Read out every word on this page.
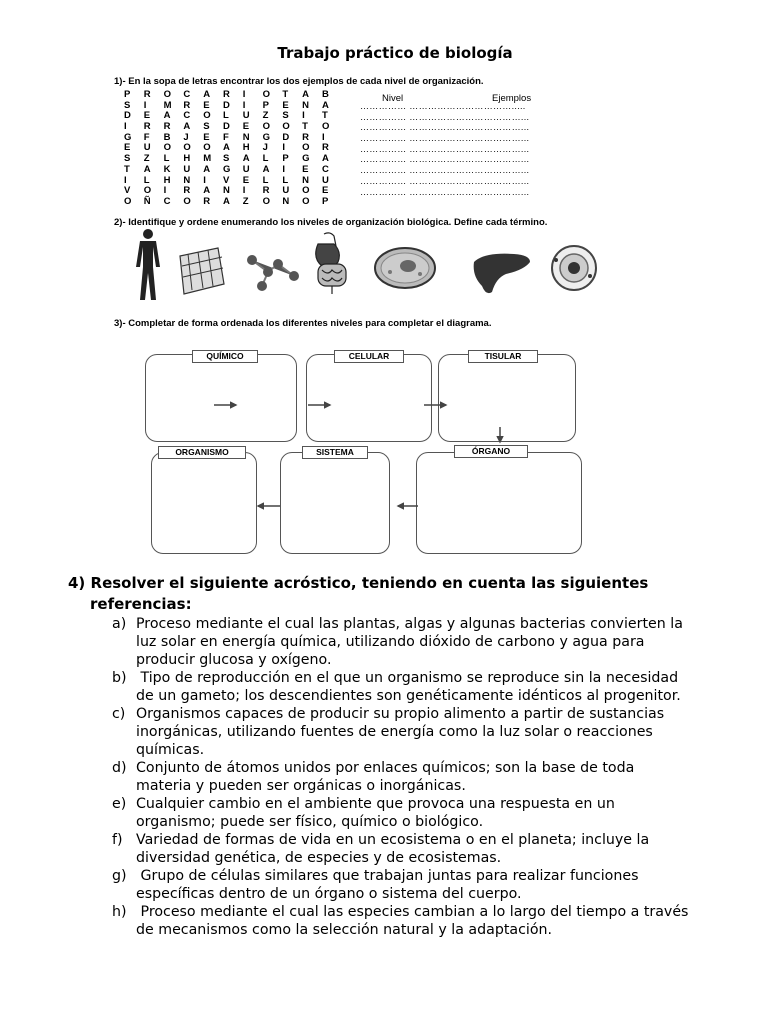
Trabajo práctico de biología
1)- En la sopa de letras encontrar los dos ejemplos de cada nivel de organización.
P	R	O	C	A	R	I	O	T	A	B
S	I	M	R	E	D	I	P	E	N	A
D	E	A	C	O	L	U	Z	S	I	T
I	R	R	A	S	D	E	O	O	T	O
G	F	B	J	E	F	N	G	D	R	I
E	U	O	O	O	A	H	J	I	O	R
S	Z	L	H	M	S	A	L	P	G	A
T	A	K	U	A	G	U	A	I	E	C
I	L	H	N	I	V	E	L	L	N	U
V	O	I	R	A	N	I	R	U	O	E
O	Ñ	C	O	R	A	Z	O	N	O	P
Nivel	Ejemplos
…………… …………………………….....
…………… ………………………………...
…………… ………………………………...
…………… ………………………………...
…………… ………………………………...
…………… ………………………………...
…………… ………………………………...
…………… ………………………………...
…………… ………………………………...
2)- Identifique y ordene enumerando los niveles de organización biológica. Define cada término.
3)- Completar de forma ordenada los diferentes niveles para completar el diagrama.
QUÍMICO	CELULAR	TISULAR
ORGANISMO	SISTEMA	ÓRGANO
4) Resolver el siguiente acróstico, teniendo en cuenta las siguientes
referencias:
a) Proceso mediante el cual las plantas, algas y algunas bacterias convierten la
luz solar en energía química, utilizando dióxido de carbono y agua para
producir glucosa y oxígeno.
b) Tipo de reproducción en el que un organismo se reproduce sin la necesidad
de un gameto; los descendientes son genéticamente idénticos al progenitor.
c) Organismos capaces de producir su propio alimento a partir de sustancias
inorgánicas, utilizando fuentes de energía como la luz solar o reacciones
químicas.
d) Conjunto de átomos unidos por enlaces químicos; son la base de toda
materia y pueden ser orgánicas o inorgánicas.
e) Cualquier cambio en el ambiente que provoca una respuesta en un
organismo; puede ser físico, químico o biológico.
f) Variedad de formas de vida en un ecosistema o en el planeta; incluye la
diversidad genética, de especies y de ecosistemas.
g) Grupo de células similares que trabajan juntas para realizar funciones
específicas dentro de un órgano o sistema del cuerpo.
h) Proceso mediante el cual las especies cambian a lo largo del tiempo a través
de mecanismos como la selección natural y la adaptación.
